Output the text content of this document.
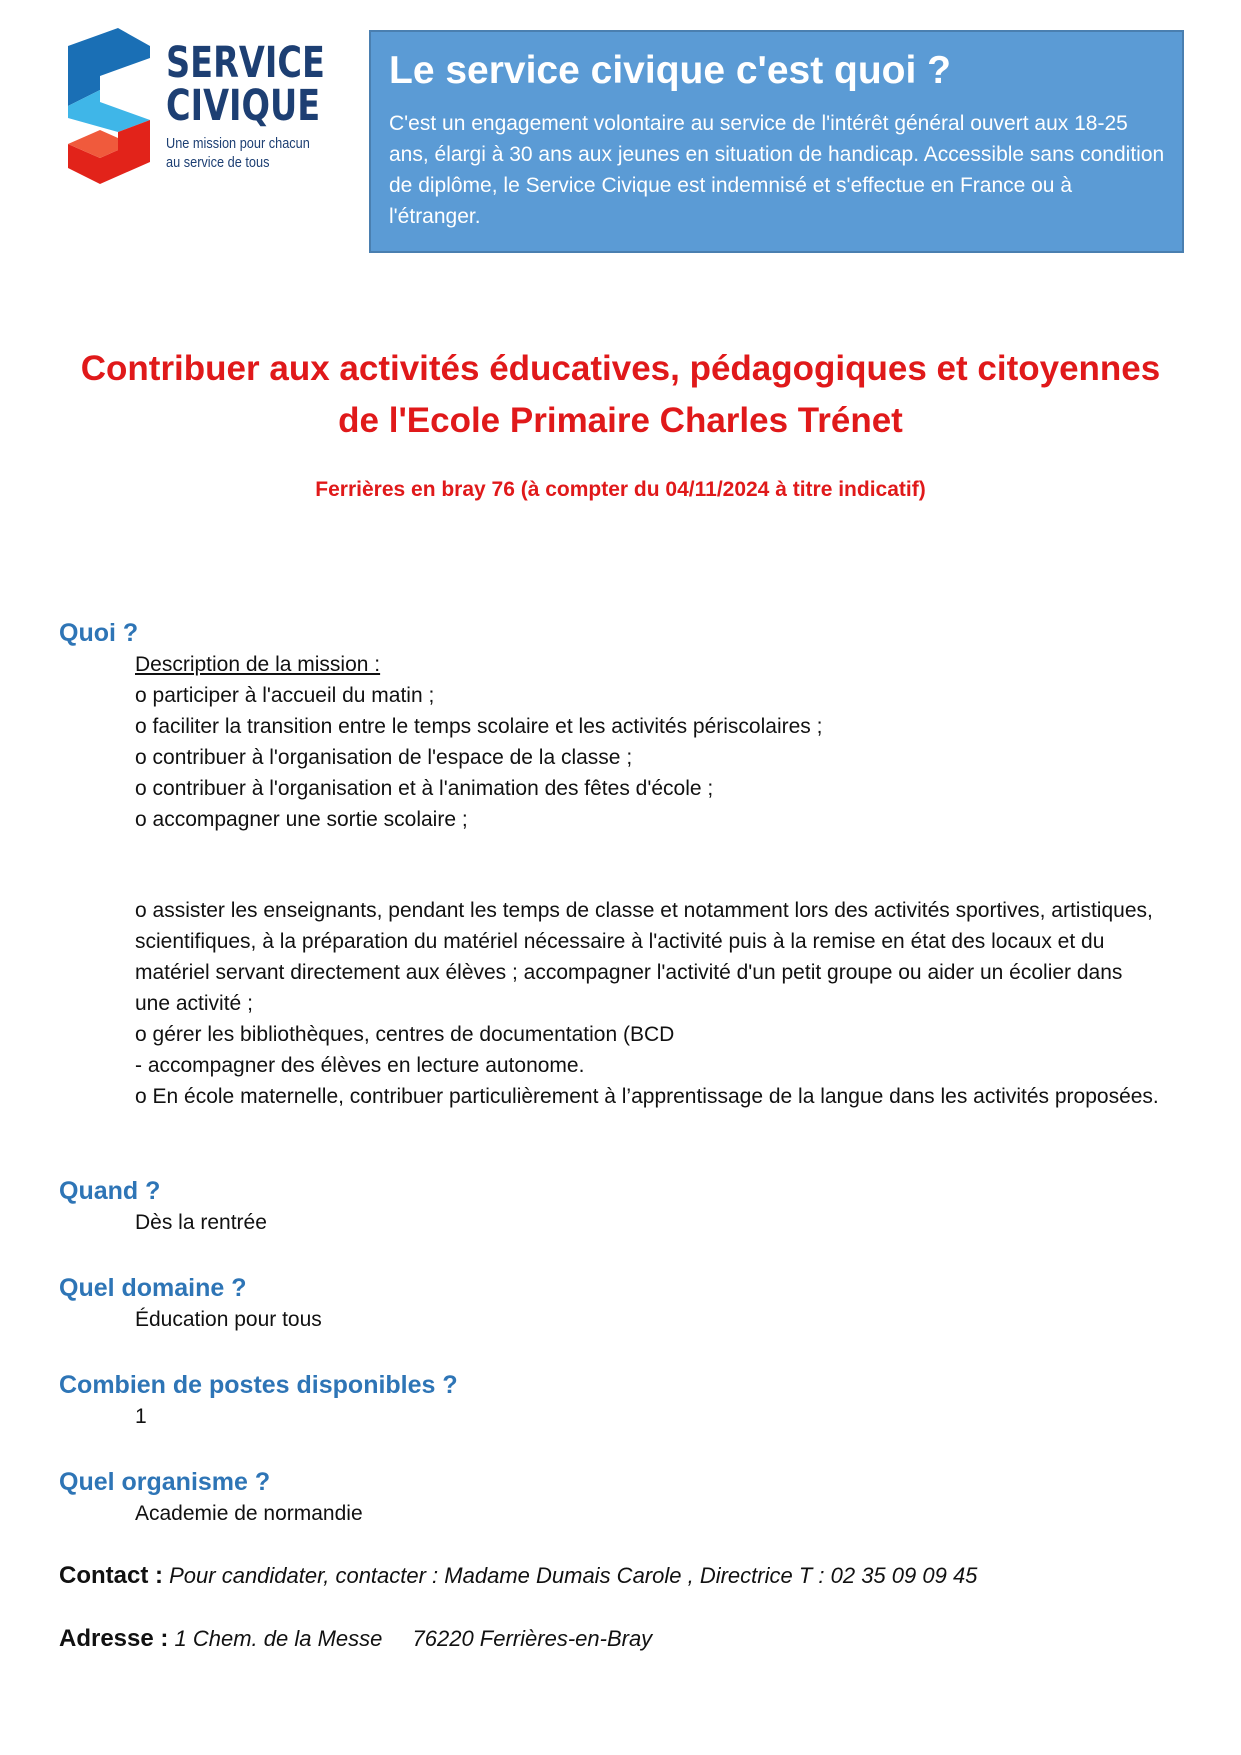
SERVICE
CIVIQUE
Une mission pour chacun
au service de tous
Le service civique c'est quoi ?

C'est un engagement volontaire au service de l'intérêt général ouvert aux 18-25 ans, élargi à 30 ans aux jeunes en situation de handicap. Accessible sans condition de diplôme, le Service Civique est indemnisé et s'effectue en France ou à l'étranger.

Contribuer aux activités éducatives, pédagogiques et citoyennes
de l'Ecole Primaire Charles Trénet

Ferrières en bray 76 (à compter du 04/11/2024 à titre indicatif)

Quoi ?

Description de la mission :

o participer à l'accueil du matin ;

o faciliter la transition entre le temps scolaire et les activités périscolaires ;

o contribuer à l'organisation de l'espace de la classe ;

o contribuer à l'organisation et à l'animation des fêtes d'école ;

o accompagner une sortie scolaire ;

o assister les enseignants, pendant les temps de classe et notamment lors des activités sportives, artistiques, scientifiques, à la préparation du matériel nécessaire à l'activité puis à la remise en état des locaux et du matériel servant directement aux élèves ; accompagner l'activité d'un petit groupe ou aider un écolier dans une activité ;

o gérer les bibliothèques, centres de documentation (BCD

- accompagner des élèves en lecture autonome.

o En école maternelle, contribuer particulièrement à l’apprentissage de la langue dans les activités proposées.

Quand ?

Dès la rentrée

Quel domaine ?

Éducation pour tous

Combien de postes disponibles ?

1

Quel organisme ?

Academie de normandie

Contact : Pour candidater, contacter : Madame Dumais Carole , Directrice T : 02 35 09 09 45
Adresse : 1 Chem. de la Messe 76220 Ferrières-en-Bray
